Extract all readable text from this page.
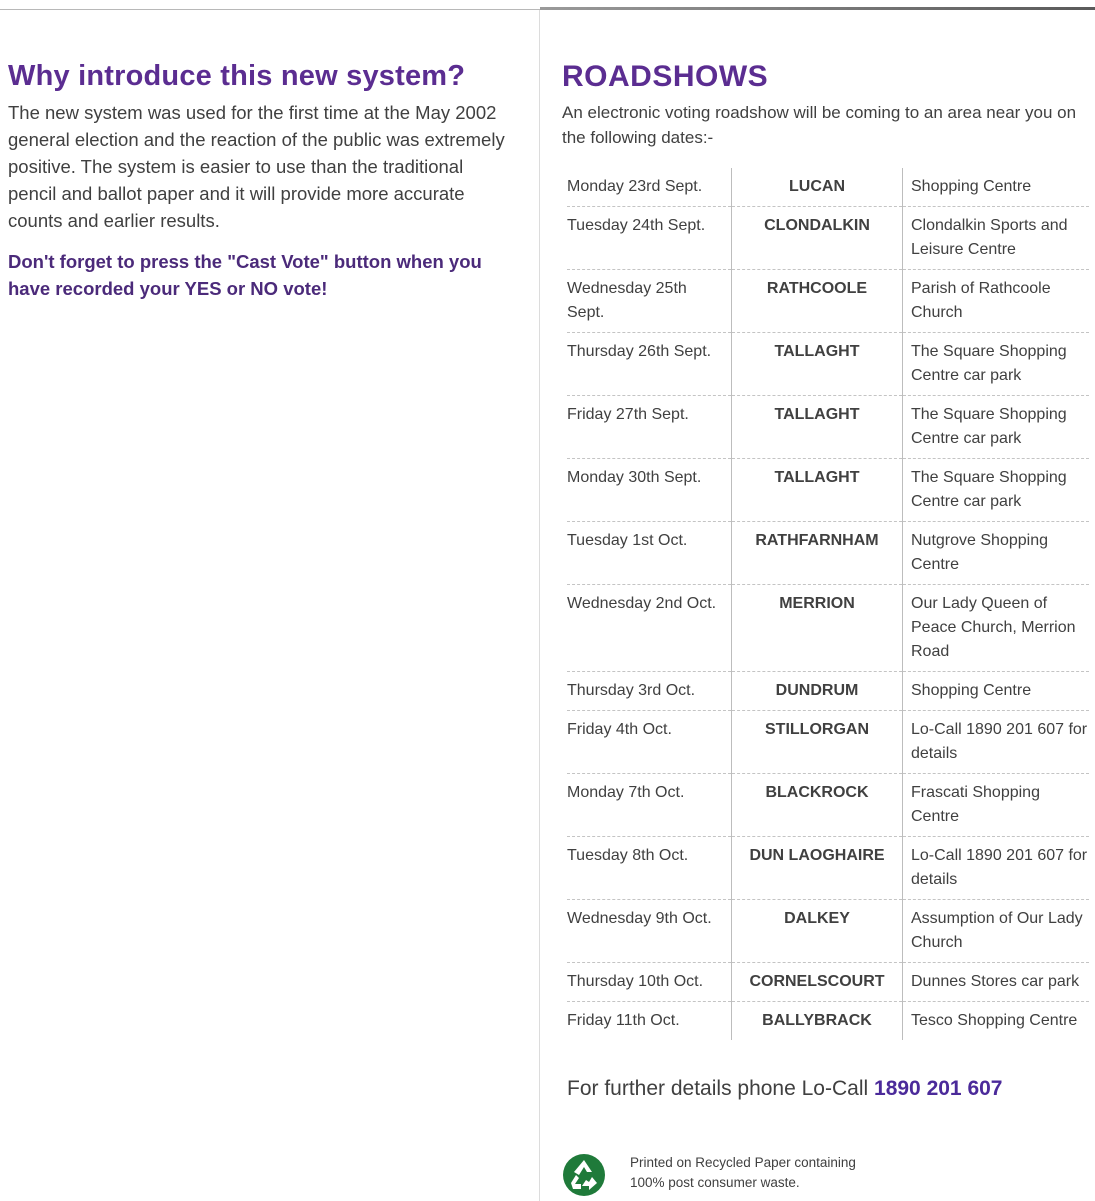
Why introduce this new system?

The new system was used for the first time at the May 2002 general election and the reaction of the public was extremely positive. The system is easier to use than the traditional pencil and ballot paper and it will provide more accurate counts and earlier results.

Don't forget to press the "Cast Vote" button when you have recorded your YES or NO vote!

ROADSHOWS

An electronic voting roadshow will be coming to an area near you on the following dates:-

Monday 23rd Sept.	LUCAN	Shopping Centre
Tuesday 24th Sept.	CLONDALKIN	Clondalkin Sports and Leisure Centre
Wednesday 25th Sept.	RATHCOOLE	Parish of Rathcoole Church
Thursday 26th Sept.	TALLAGHT	The Square Shopping Centre car park
Friday 27th Sept.	TALLAGHT	The Square Shopping Centre car park
Monday 30th Sept.	TALLAGHT	The Square Shopping Centre car park
Tuesday 1st Oct.	RATHFARNHAM	Nutgrove Shopping Centre
Wednesday 2nd Oct.	MERRION	Our Lady Queen of Peace Church, Merrion Road
Thursday 3rd Oct.	DUNDRUM	Shopping Centre
Friday 4th Oct.	STILLORGAN	Lo-Call 1890 201 607 for details
Monday 7th Oct.	BLACKROCK	Frascati Shopping Centre
Tuesday 8th Oct.	DUN LAOGHAIRE	Lo-Call 1890 201 607 for details
Wednesday 9th Oct.	DALKEY	Assumption of Our Lady Church
Thursday 10th Oct.	CORNELSCOURT	Dunnes Stores car park
Friday 11th Oct.	BALLYBRACK	Tesco Shopping Centre
For further details phone Lo-Call 1890 201 607
Printed on Recycled Paper containing
100% post consumer waste.
